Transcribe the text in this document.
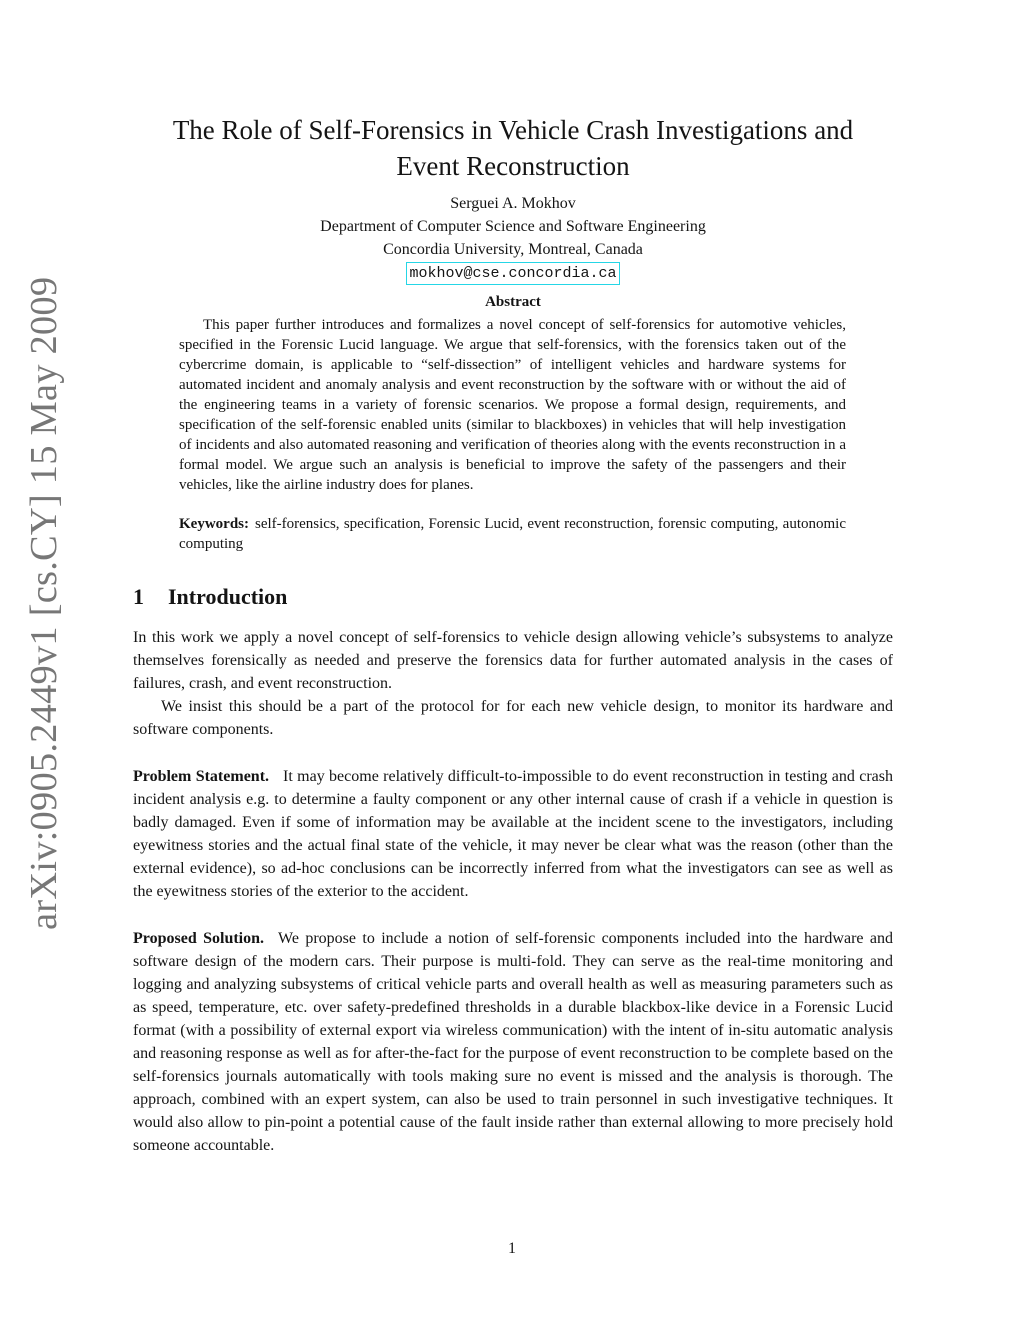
arXiv:0905.2449v1 [cs.CY] 15 May 2009
The Role of Self-Forensics in Vehicle Crash Investigations and
Event Reconstruction
Serguei A. Mokhov
Department of Computer Science and Software Engineering
Concordia University, Montreal, Canada
mokhov@cse.concordia.ca
Abstract

This paper further introduces and formalizes a novel concept of self-forensics for automotive vehicles, specified in the Forensic Lucid language. We argue that self-forensics, with the forensics taken out of the cybercrime domain, is applicable to “self-dissection” of intelligent vehicles and hardware systems for automated incident and anomaly analysis and event reconstruction by the software with or without the aid of the engineering teams in a variety of forensic scenarios. We propose a formal design, requirements, and specification of the self-forensic enabled units (similar to blackboxes) in vehicles that will help investigation of incidents and also automated reasoning and verification of theories along with the events reconstruction in a formal model. We argue such an analysis is beneficial to improve the safety of the passengers and their vehicles, like the airline industry does for planes.

Keywords: self-forensics, specification, Forensic Lucid, event reconstruction, forensic computing, autonomic computing

1 Introduction

In this work we apply a novel concept of self-forensics to vehicle design allowing vehicle’s subsystems to analyze themselves forensically as needed and preserve the forensics data for further automated analysis in the cases of failures, crash, and event reconstruction.

We insist this should be a part of the protocol for for each new vehicle design, to monitor its hardware and software components.

Problem Statement. It may become relatively difficult-to-impossible to do event reconstruction in testing and crash incident analysis e.g. to determine a faulty component or any other internal cause of crash if a vehicle in question is badly damaged. Even if some of information may be available at the incident scene to the investigators, including eyewitness stories and the actual final state of the vehicle, it may never be clear what was the reason (other than the external evidence), so ad-hoc conclusions can be incorrectly inferred from what the investigators can see as well as the eyewitness stories of the exterior to the accident.

Proposed Solution. We propose to include a notion of self-forensic components included into the hardware and software design of the modern cars. Their purpose is multi-fold. They can serve as the real-time monitoring and logging and analyzing subsystems of critical vehicle parts and overall health as well as measuring parameters such as as speed, temperature, etc. over safety-predefined thresholds in a durable blackbox-like device in a Forensic Lucid format (with a possibility of external export via wireless communication) with the intent of in-situ automatic analysis and reasoning response as well as for after-the-fact for the purpose of event reconstruction to be complete based on the self-forensics journals automatically with tools making sure no event is missed and the analysis is thorough. The approach, combined with an expert system, can also be used to train personnel in such investigative techniques. It would also allow to pin-point a potential cause of the fault inside rather than external allowing to more precisely hold someone accountable.

1
